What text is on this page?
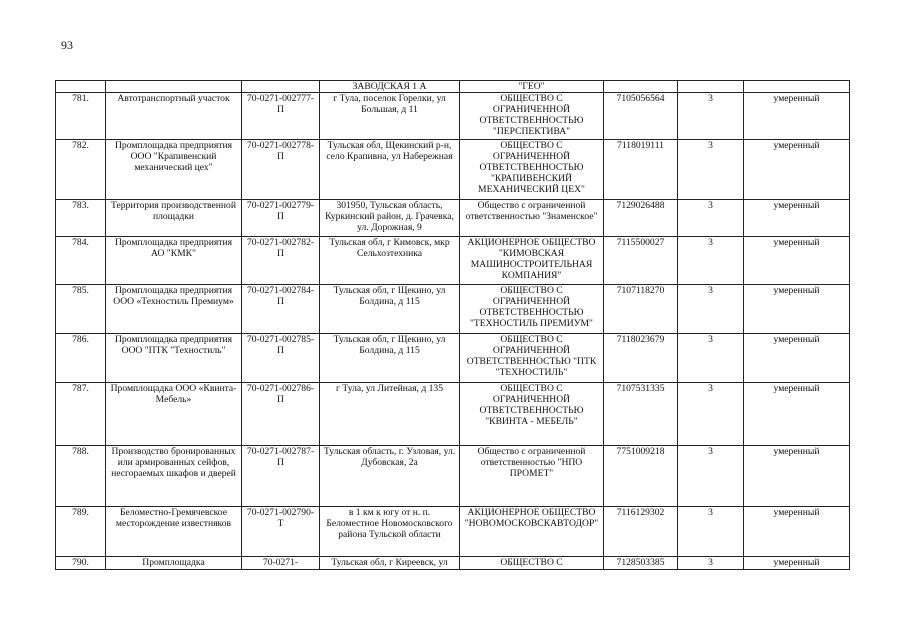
93
			ЗАВОДСКАЯ 1 А	"ГЕО"			
781.	Автотранспортный участок	70-0271-002777-П	г Тула, поселок Горелки, ул Большая, д 11	ОБЩЕСТВО С ОГРАНИЧЕННОЙ ОТВЕТСТВЕННОСТЬЮ "ПЕРСПЕКТИВА"	7105056564	3	умеренный
782.	Промплощадка предприятия ООО "Крапивенский механический цех"	70-0271-002778-П	Тульская обл, Щекинский р-н, село Крапивна, ул Набережная	ОБЩЕСТВО С ОГРАНИЧЕННОЙ ОТВЕТСТВЕННОСТЬЮ "КРАПИВЕНСКИЙ МЕХАНИЧЕСКИЙ ЦЕХ"	7118019111	3	умеренный
783.	Территория производственной площадки	70-0271-002779-П	301950, Тульская область, Куркинский район, д. Грачевка, ул. Дорожная, 9	Общество с ограниченной ответственностью "Знаменское"	7129026488	3	умеренный
784.	Промплощадка предприятия АО "КМК"	70-0271-002782-П	Тульская обл, г Кимовск, мкр Сельхозтехника	АКЦИОНЕРНОЕ ОБЩЕСТВО "КИМОВСКАЯ МАШИНОСТРОИТЕЛЬНАЯ КОМПАНИЯ"	7115500027	3	умеренный
785.	Промплощадка предприятия ООО «Техностиль Премиум»	70-0271-002784-П	Тульская обл, г Щекино, ул Болдина, д 115	ОБЩЕСТВО С ОГРАНИЧЕННОЙ ОТВЕТСТВЕННОСТЬЮ "ТЕХНОСТИЛЬ ПРЕМИУМ"	7107118270	3	умеренный
786.	Промплощадка предприятия ООО "ПТК "Техностиль"	70-0271-002785-П	Тульская обл, г Щекино, ул Болдина, д 115	ОБЩЕСТВО С ОГРАНИЧЕННОЙ ОТВЕТСТВЕННОСТЬЮ "ПТК "ТЕХНОСТИЛЬ"	7118023679	3	умеренный
787.	Промплощадка ООО «Квинта-Мебель»	70-0271-002786-П	г Тула, ул Литейная, д 135	ОБЩЕСТВО С ОГРАНИЧЕННОЙ ОТВЕТСТВЕННОСТЬЮ "КВИНТА - МЕБЕЛЬ"	7107531335	3	умеренный
788.	Производство бронированных или армированных сейфов, несгораемых шкафов и дверей	70-0271-002787-П	Тульская область, г. Узловая, ул. Дубовская, 2а	Общество с ограниченной ответственностью "НПО ПРОМЕТ"	7751009218	3	умеренный
789.	Беломестно-Гремячевское месторождение известняков	70-0271-002790-Т	в 1 км к югу от н. п. Беломестное Новомосковского района Тульской области	АКЦИОНЕРНОЕ ОБЩЕСТВО "НОВОМОСКОВСКАВТОДОР"	7116129302	3	умеренный
790.	Промплощадка	70-0271-	Тульская обл, г Киреевск, ул	ОБЩЕСТВО С	7128503385	3	умеренный
